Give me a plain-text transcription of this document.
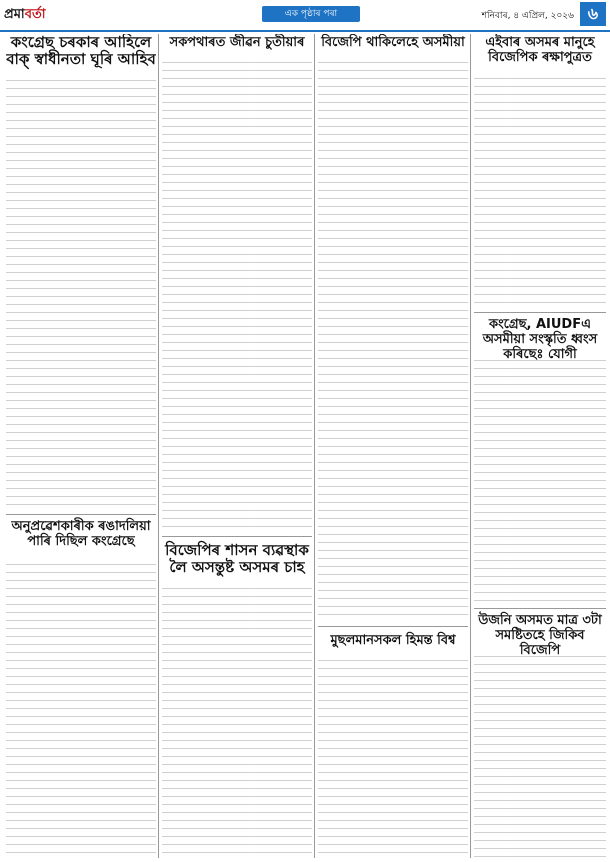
প্ৰমাবৰ্তা	এক পৃষ্ঠাৰ পৰা	শনিবাৰ, ৪ এপ্ৰিল, ২০২৬ ৬
কংগ্ৰেছ চৰকাৰ আহিলে বাক্ স্বাধীনতা ঘূৰি আহিব
অনুপ্ৰৱেশকাৰীক ৰঙাদলিয়া পাৰি দিছিল কংগ্ৰেছে
সকপথাৰত জীৱন চুতীয়াৰ
বিজেপিৰ শাসন ব্যৱস্থাক লৈ অসন্তুষ্ট অসমৰ চাহ
বিজেপি থাকিলেহে অসমীয়া
মুছলমানসকল হিমন্ত বিশ্ব
এইবাৰ অসমৰ মানুহে বিজেপিক ৰক্ষাপুত্ৰত
কংগ্ৰেছ, AIUDFএ অসমীয়া সংস্কৃতি ধ্বংস কৰিছেঃ যোগী
উজনি অসমত মাত্ৰ ৩টা সমষ্টিতহে জিকিব বিজেপি
